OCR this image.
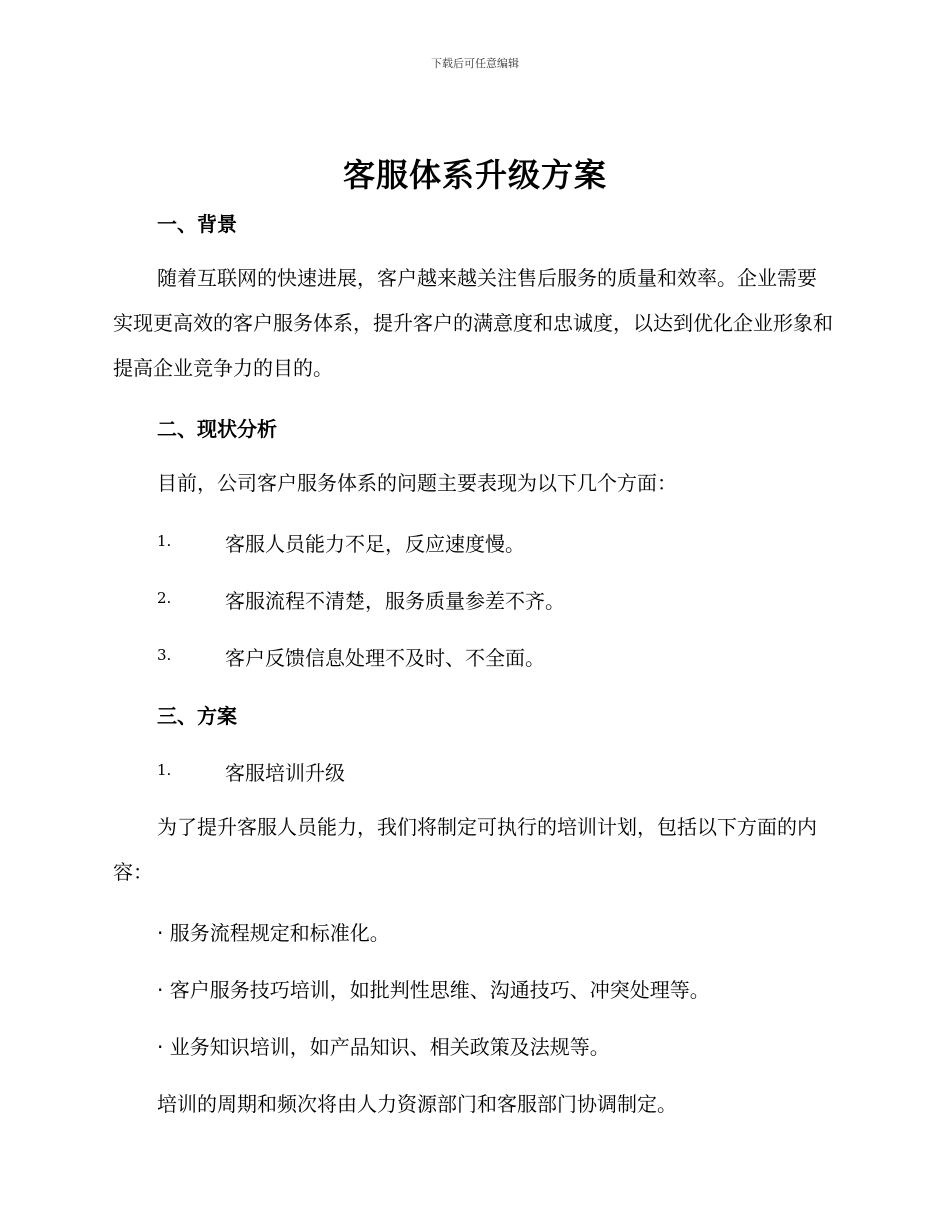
下载后可任意编辑
客服体系升级方案
一、背景
随着互联网的快速进展，客户越来越关注售后服务的质量和效率。企业需要实现更高效的客户服务体系，提升客户的满意度和忠诚度，以达到优化企业形象和提高企业竞争力的目的。
二、现状分析
目前，公司客户服务体系的问题主要表现为以下几个方面：
1.	客服人员能力不足，反应速度慢。
2.	客服流程不清楚，服务质量参差不齐。
3.	客户反馈信息处理不及时、不全面。
三、方案
1.	客服培训升级
为了提升客服人员能力，我们将制定可执行的培训计划，包括以下方面的内容：
· 服务流程规定和标准化。
· 客户服务技巧培训，如批判性思维、沟通技巧、冲突处理等。
· 业务知识培训，如产品知识、相关政策及法规等。
培训的周期和频次将由人力资源部门和客服部门协调制定。
